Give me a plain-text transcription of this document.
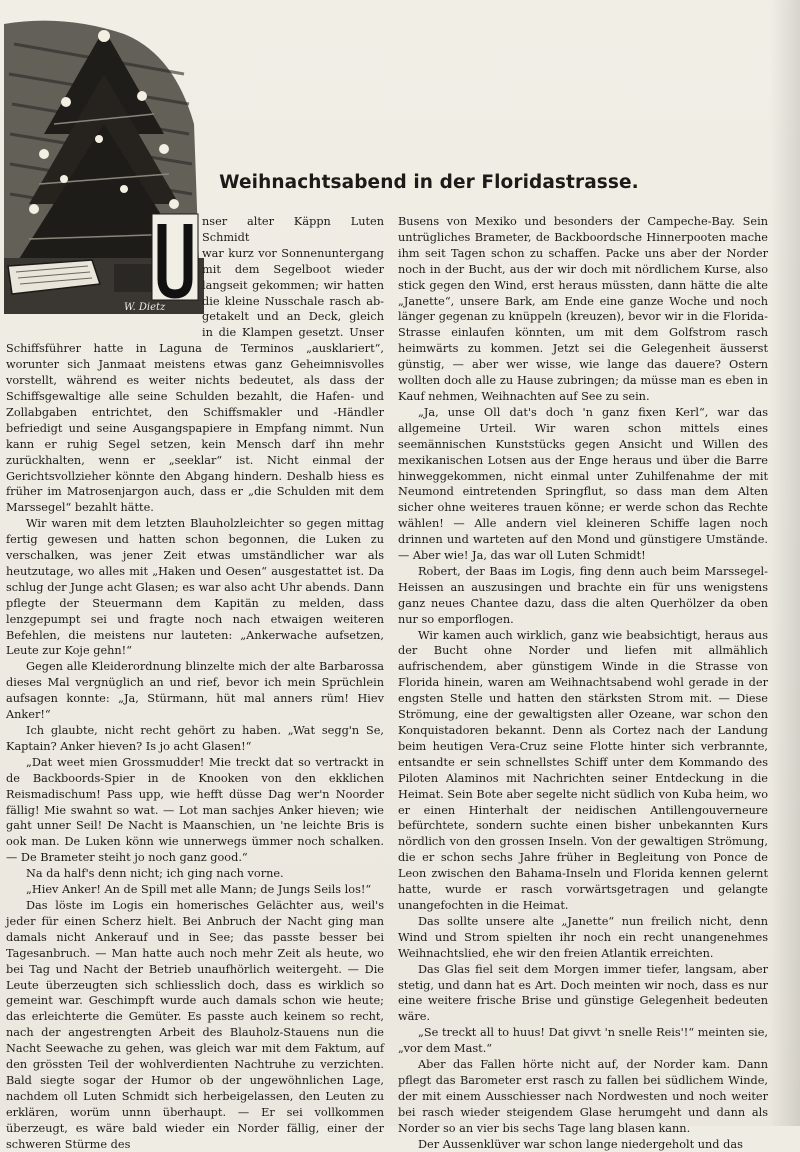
W. Dietz
Weihnachtsabend in der Floridastrasse.
nser alter Käppn Luten Schmidt
war kurz vor Sonnenuntergang
mit dem Segelboot wieder
langseit gekommen; wir hatten
die kleine Nusschale rasch ab-
getakelt und an Deck, gleich
in die Klampen gesetzt. Unser

Schiffsführer hatte in Laguna de Terminos „ausklariert“, worunter sich Janmaat meistens etwas ganz Geheimnisvolles vorstellt, während es weiter nichts bedeutet, als dass der Schiffsgewaltige alle seine Schulden bezahlt, die Hafen- und Zollabgaben entrichtet, den Schiffsmakler und -Händler befriedigt und seine Ausgangspapiere in Empfang nimmt. Nun kann er ruhig Segel setzen, kein Mensch darf ihn mehr zurückhalten, wenn er „seeklar“ ist. Nicht einmal der Gerichtsvollzieher könnte den Abgang hindern. Deshalb hiess es früher im Matrosenjargon auch, dass er „die Schulden mit dem Marssegel“ bezahlt hätte.

Wir waren mit dem letzten Blauholzleichter so gegen mittag fertig gewesen und hatten schon begonnen, die Luken zu verschalken, was jener Zeit etwas umständlicher war als heutzutage, wo alles mit „Haken und Oesen“ ausgestattet ist. Da schlug der Junge acht Glasen; es war also acht Uhr abends. Dann pflegte der Steuermann dem Kapitän zu melden, dass lenzgepumpt sei und fragte noch nach etwaigen weiteren Befehlen, die meistens nur lauteten: „Ankerwache aufsetzen, Leute zur Koje gehn!“

Gegen alle Kleiderordnung blinzelte mich der alte Barbarossa dieses Mal vergnüglich an und rief, bevor ich mein Sprüchlein aufsagen konnte: „Ja, Stürmann, hüt mal anners rüm! Hiev Anker!“

Ich glaubte, nicht recht gehört zu haben. „Wat segg'n Se, Kaptain? Anker hieven? Is jo acht Glasen!“

„Dat weet mien Grossmudder! Mie treckt dat so vertrackt in de Backboords-Spier in de Knooken von den ekklichen Reismadischum! Pass upp, wie hefft düsse Dag wer'n Noorder fällig! Mie swahnt so wat. — Lot man sachjes Anker hieven; wie gaht unner Seil! De Nacht is Maanschien, un 'ne leichte Bris is ook man. De Luken könn wie unnerwegs ümmer noch schalken. — De Brameter steiht jo noch ganz good.“

Na da half's denn nicht; ich ging nach vorne.

„Hiev Anker! An de Spill met alle Mann; de Jungs Seils los!“

Das löste im Logis ein homerisches Gelächter aus, weil's jeder für einen Scherz hielt. Bei Anbruch der Nacht ging man damals nicht Ankerauf und in See; das passte besser bei Tagesanbruch. — Man hatte auch noch mehr Zeit als heute, wo bei Tag und Nacht der Betrieb unaufhörlich weitergeht. — Die Leute überzeugten sich schliesslich doch, dass es wirklich so gemeint war. Geschimpft wurde auch damals schon wie heute; das erleichterte die Gemüter. Es passte auch keinem so recht, nach der angestrengten Arbeit des Blauholz-Stauens nun die Nacht Seewache zu gehen, was gleich war mit dem Faktum, auf den grössten Teil der wohlverdienten Nachtruhe zu verzichten. Bald siegte sogar der Humor ob der ungewöhnlichen Lage, nachdem oll Luten Schmidt sich herbeigelassen, den Leuten zu erklären, worüm unnn überhaupt. — Er sei vollkommen überzeugt, es wäre bald wieder ein Norder fällig, einer der schweren Stürme des

Busens von Mexiko und besonders der Campeche-Bay. Sein untrügliches Brameter, de Backboordsche Hinnerpooten mache ihm seit Tagen schon zu schaffen. Packe uns aber der Norder noch in der Bucht, aus der wir doch mit nördlichem Kurse, also stick gegen den Wind, erst heraus müssten, dann hätte die alte „Janette“, unsere Bark, am Ende eine ganze Woche und noch länger gegenan zu knüppeln (kreuzen), bevor wir in die Florida-Strasse einlaufen könnten, um mit dem Golfstrom rasch heimwärts zu kommen. Jetzt sei die Gelegenheit äusserst günstig, — aber wer wisse, wie lange das dauere? Ostern wollten doch alle zu Hause zubringen; da müsse man es eben in Kauf nehmen, Weihnachten auf See zu sein.

„Ja, unse Oll dat's doch 'n ganz fixen Kerl“, war das allgemeine Urteil. Wir waren schon mittels eines seemännischen Kunststücks gegen Ansicht und Willen des mexikanischen Lotsen aus der Enge heraus und über die Barre hinweggekommen, nicht einmal unter Zuhilfenahme der mit Neumond eintretenden Springflut, so dass man dem Alten sicher ohne weiteres trauen könne; er werde schon das Rechte wählen! — Alle andern viel kleineren Schiffe lagen noch drinnen und warteten auf den Mond und günstigere Umstände. — Aber wie! Ja, das war oll Luten Schmidt!

Robert, der Baas im Logis, fing denn auch beim Marssegel-Heissen an auszusingen und brachte ein für uns wenigstens ganz neues Chantee dazu, dass die alten Querhölzer da oben nur so emporflogen.

Wir kamen auch wirklich, ganz wie beabsichtigt, heraus aus der Bucht ohne Norder und liefen mit allmählich aufrischendem, aber günstigem Winde in die Strasse von Florida hinein, waren am Weihnachtsabend wohl gerade in der engsten Stelle und hatten den stärksten Strom mit. — Diese Strömung, eine der gewaltigsten aller Ozeane, war schon den Konquistadoren bekannt. Denn als Cortez nach der Landung beim heutigen Vera-Cruz seine Flotte hinter sich verbrannte, entsandte er sein schnellstes Schiff unter dem Kommando des Piloten Alaminos mit Nachrichten seiner Entdeckung in die Heimat. Sein Bote aber segelte nicht südlich von Kuba heim, wo er einen Hinterhalt der neidischen Antillengouverneure befürchtete, sondern suchte einen bisher unbekannten Kurs nördlich von den grossen Inseln. Von der gewaltigen Strömung, die er schon sechs Jahre früher in Begleitung von Ponce de Leon zwischen den Bahama-Inseln und Florida kennen gelernt hatte, wurde er rasch vorwärtsgetragen und gelangte unangefochten in die Heimat.

Das sollte unsere alte „Janette“ nun freilich nicht, denn Wind und Strom spielten ihr noch ein recht unangenehmes Weihnachtslied, ehe wir den freien Atlantik erreichten.

Das Glas fiel seit dem Morgen immer tiefer, langsam, aber stetig, und dann hat es Art. Doch meinten wir noch, dass es nur eine weitere frische Brise und günstige Gelegenheit bedeuten wäre.

„Se treckt all to huus! Dat givvt 'n snelle Reis'!“ meinten sie, „vor dem Mast.“

Aber das Fallen hörte nicht auf, der Norder kam. Dann pflegt das Barometer erst rasch zu fallen bei südlichem Winde, der mit einem Ausschiesser nach Nordwesten und noch weiter bei rasch wieder steigendem Glase herumgeht und dann als Norder so an vier bis sechs Tage lang blasen kann.

Der Aussenklüver war schon lange niedergeholt und das
